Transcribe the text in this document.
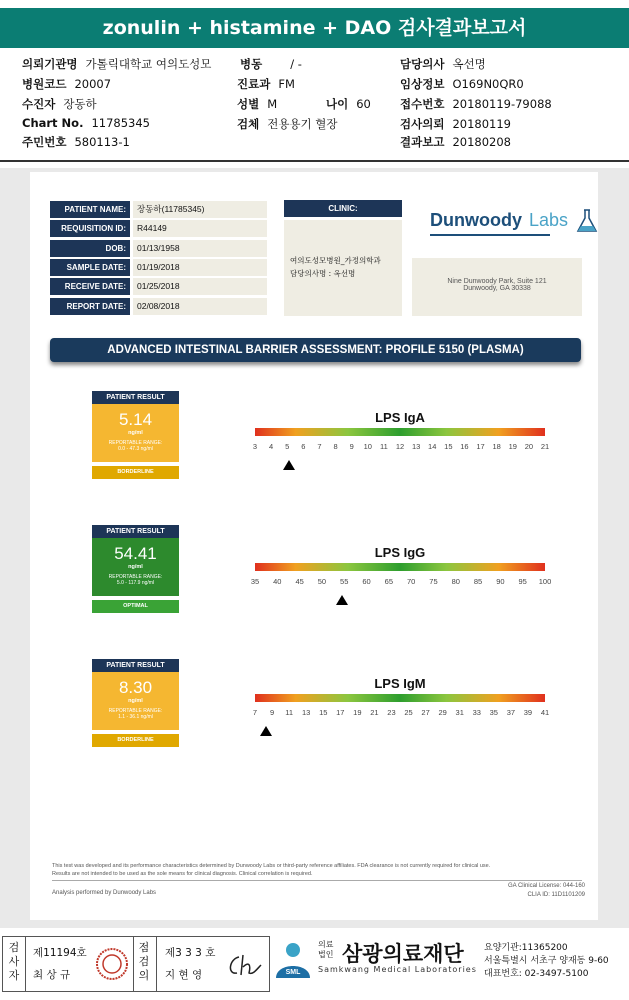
zonulin + histamine + DAO 검사결과보고서
의뢰기관명 가톨릭대학교 여의도성모 병동 / -	담당의사 옥선명
병원코드 20007	진료과 FM	임상정보 O169N0QR0
수진자 장동하	성별 M	나이 60	접수번호 20180119-79088
Chart No. 11785345	검체 전용용기 혈장	검사의뢰 20180119
주민번호 580113-1	결과보고 20180208
PATIENT NAME:	장동하(11785345)
REQUISITION ID:	R44149
DOB:	01/13/1958
SAMPLE DATE:	01/19/2018
RECEIVE DATE:	01/25/2018
REPORT DATE:	02/08/2018
CLINIC:
여의도성모병원_가정의학과
담당의사명 : 옥선명
Dunwoody Labs
Nine Dunwoody Park, Suite 121
Dunwoody, GA 30338
ADVANCED INTESTINAL BARRIER ASSESSMENT: PROFILE 5150 (PLASMA)
PATIENT RESULT
5.14
ng/ml
REPORTABLE RANGE:
0.0 - 47.3 ng/ml
BORDERLINE
LPS IgA
3 4 5 6 7 8 9 10 11 12 13 14 15 16 17 18 19 20 21
PATIENT RESULT
54.41
ng/ml
REPORTABLE RANGE:
5.0 - 117.9 ng/ml
OPTIMAL
LPS IgG
35 40 45 50 55 60 65 70 75 80 85 90 95 100
PATIENT RESULT
8.30
ng/ml
REPORTABLE RANGE:
1.1 - 36.1 ng/ml
BORDERLINE
LPS IgM
7 9 11 13 15 17 19 21 23 25 27 29 31 33 35 37 39 41
This test was developed and its performance characteristics determined by Dunwoody Labs or third-party reference affiliates. FDA clearance is not currently required for clinical use.
Results are not intended to be used as the sole means for clinical diagnosis. Clinical correlation is required.
Analysis performed by Dunwoody Labs
GA Clinical License: 044-160
CLIA ID: 11D1101209
검사자
제11194호
최 상 규
점검의
제3 3 3 호
지 현 영	SML
의료
법인 삼광의료재단
Samkwang Medical Laboratories
요양기관:11365200
서울특별시 서초구 양재동 9-60
대표번호: 02-3497-5100
